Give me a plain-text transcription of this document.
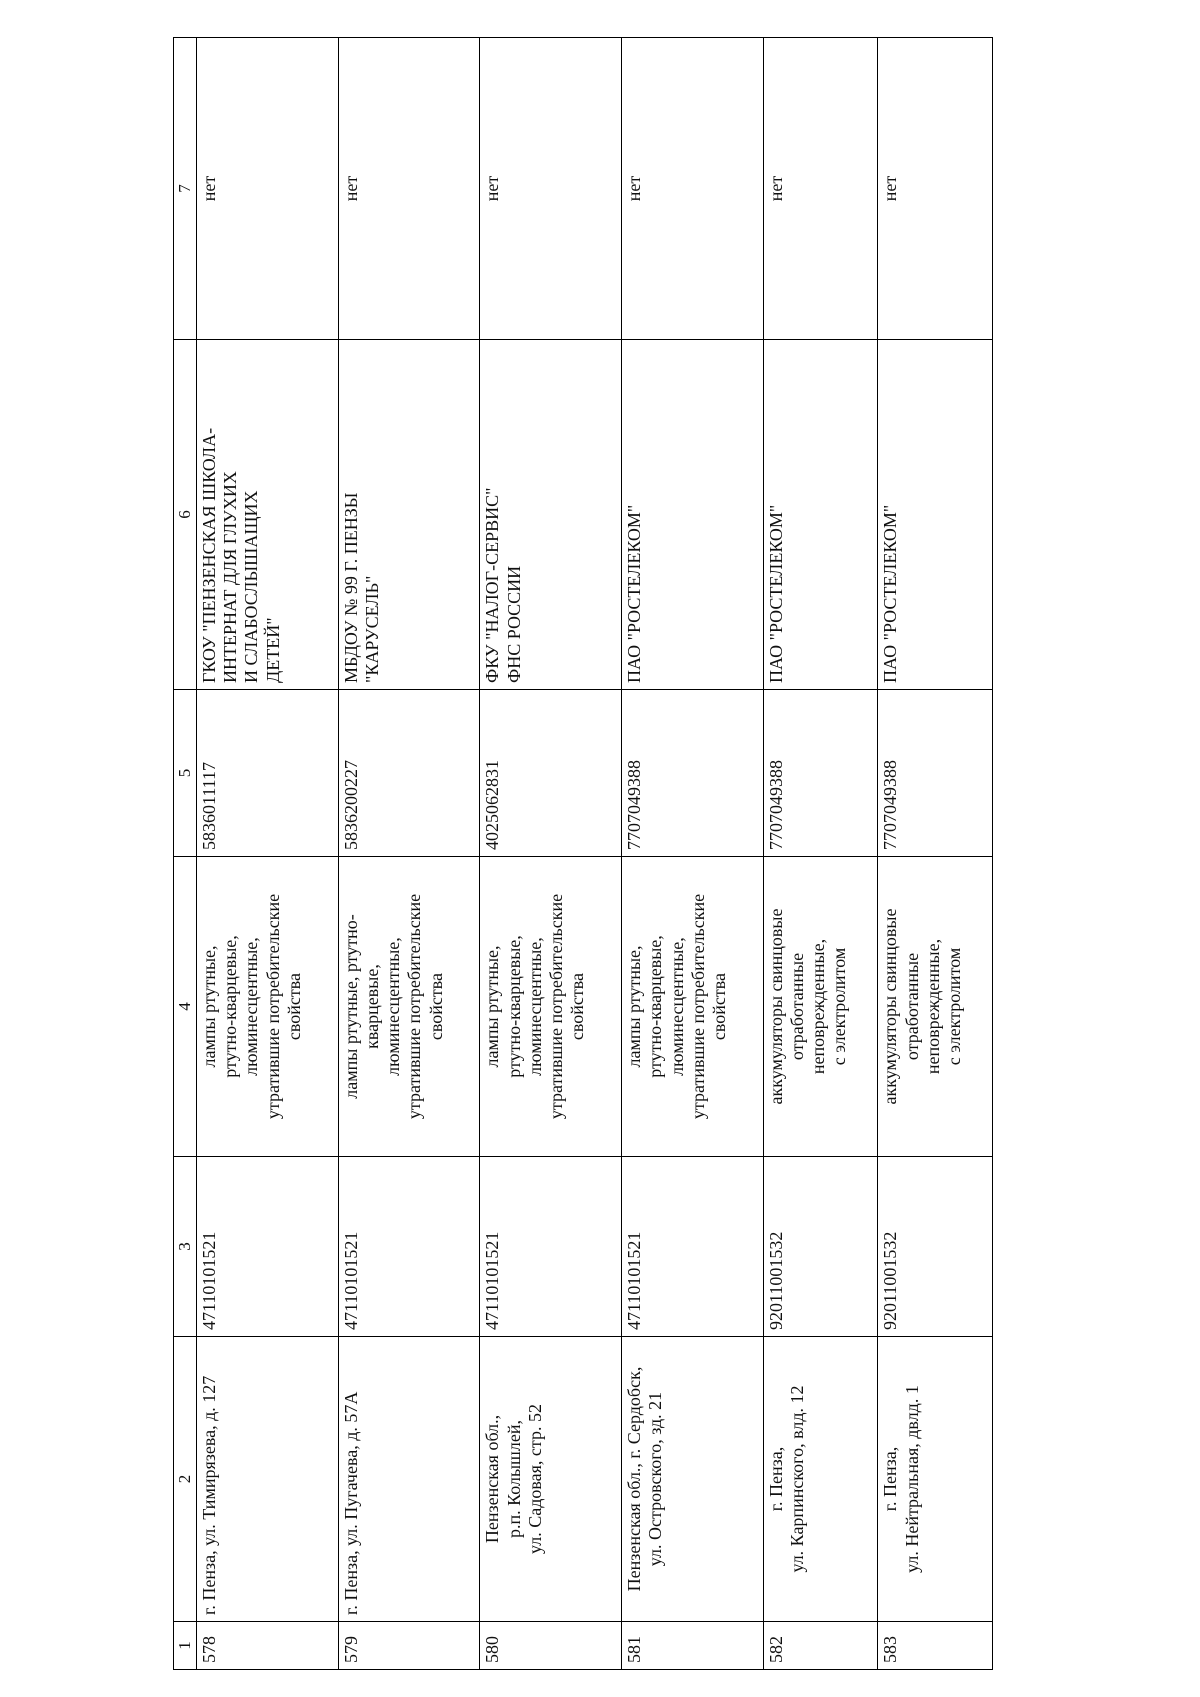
1	2	3	4	5	6	7
578	г. Пенза, ул. Тимирязева, д. 127	47110101521	лампы ртутные,
ртутно-кварцевые,
люминесцентные,
утратившие потребительские
свойства	5836011117	ГКОУ "ПЕНЗЕНСКАЯ ШКОЛА-
ИНТЕРНАТ ДЛЯ ГЛУХИХ
И СЛАБОСЛЫШАЩИХ
ДЕТЕЙ"	нет
579	г. Пенза, ул. Пугачева, д. 57А	47110101521	лампы ртутные, ртутно-
кварцевые,
люминесцентные,
утратившие потребительские
свойства	5836200227	МБДОУ № 99 Г. ПЕНЗЫ
"КАРУСЕЛЬ"	нет
580	Пензенская обл.,
р.п. Колышлей,
ул. Садовая, стр. 52	47110101521	лампы ртутные,
ртутно-кварцевые,
люминесцентные,
утратившие потребительские
свойства	4025062831	ФКУ "НАЛОГ-СЕРВИС"
ФНС РОССИИ	нет
581	Пензенская обл., г. Сердобск,
ул. Островского, зд. 21	47110101521	лампы ртутные,
ртутно-кварцевые,
люминесцентные,
утратившие потребительские
свойства	7707049388	ПАО "РОСТЕЛЕКОМ"	нет
582	г. Пенза,
ул. Карпинского, влд. 12	92011001532	аккумуляторы свинцовые
отработанные
неповрежденные,
с электролитом	7707049388	ПАО "РОСТЕЛЕКОМ"	нет
583	г. Пенза,
ул. Нейтральная, двлд. 1	92011001532	аккумуляторы свинцовые
отработанные
неповрежденные,
с электролитом	7707049388	ПАО "РОСТЕЛЕКОМ"	нет
